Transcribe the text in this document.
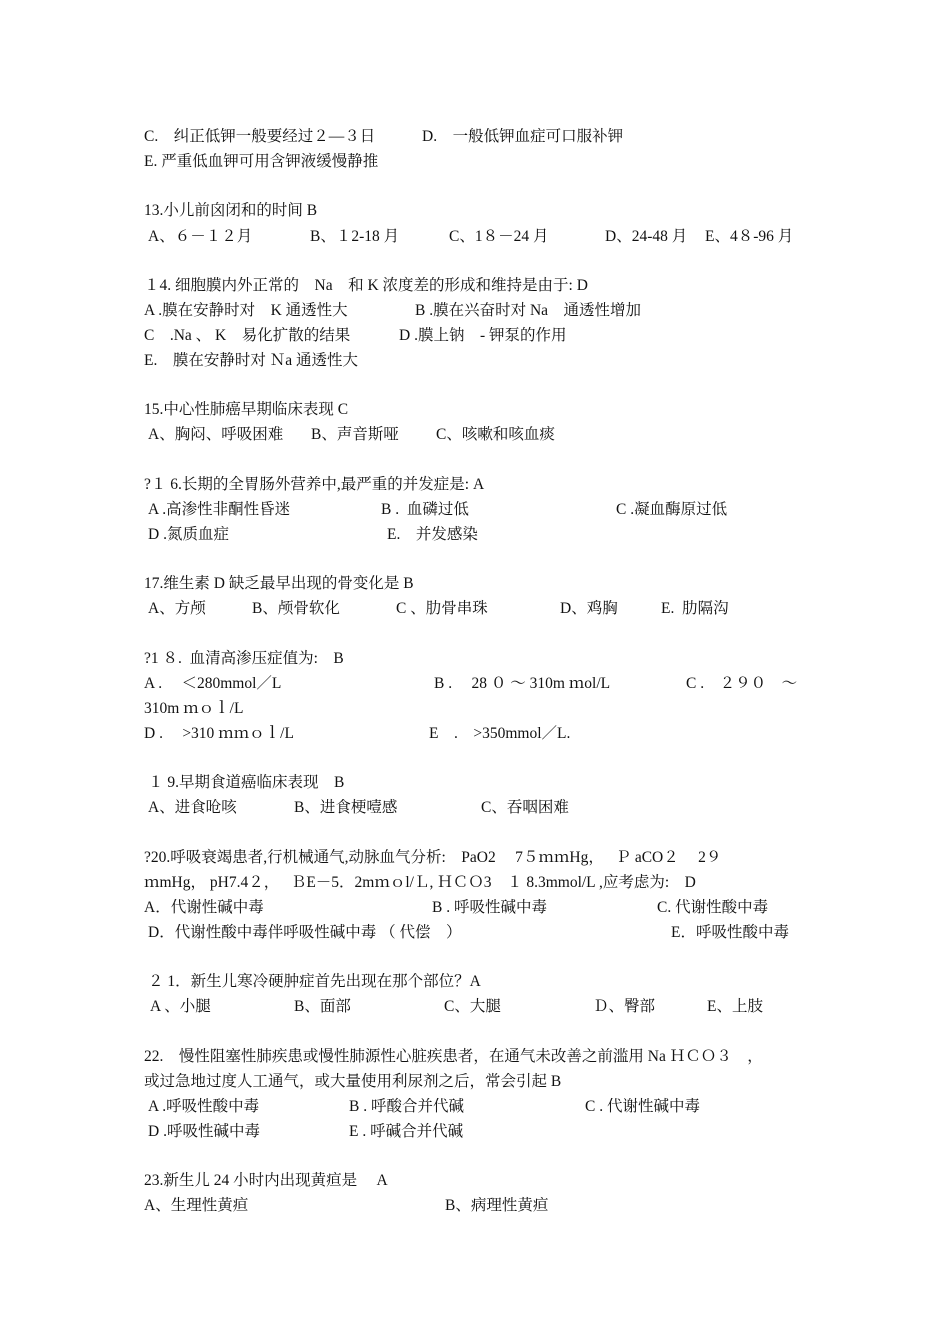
C.　纠正低钾一般要经过２—３日	D.　一般低钾血症可口服补钾
E. 严重低血钾可用含钾液缓慢静推
13.小儿前囟闭和的时间 B
A、６－１２月	B、１2-18 月	C、1８－24 月	D、24-48 月 E、4８-96 月
１4. 细胞膜内外正常的　Na　和 K 浓度差的形成和维持是由于: D
A .膜在安静时对　K 通透性大	B .膜在兴奋时对 Na　通透性增加
C　.Na 、 K　易化扩散的结果	D .膜上钠　- 钾泵的作用
E.　膜在安静时对 Ｎa 通透性大
15.中心性肺癌早期临床表现 C
A、胸闷、呼吸困难 B、声音斯哑 C、咳嗽和咳血痰
?１ 6.长期的全胃肠外营养中,最严重的并发症是: A
A .高渗性非酮性昏迷	B .  血磷过低	C .凝血酶原过低
D .氮质血症	E.　并发感染
17.维生素 D 缺乏最早出现的骨变化是 B
A、方颅	B、颅骨软化	C 、肋骨串珠	D、鸡胸	E.  肋隔沟
?1 ８.  血清高渗压症值为:　B
A .　 ＜280mmol／L	B .　 28 ０ ～ 310m ｍol/L	C .　２９０　～
310m ｍｏｌ/L
D .　 >310 ｍｍｏｌ/L	E　.　>350mmol／L.
１ 9.早期食道癌临床表现　B
A、进食呛咳	B、进食梗噎感	C、吞咽困难
?20.呼吸衰竭患者,行机械通气,动脉血气分析:　PaO2　 7５ｍｍHg，　 Ｐ aCO２　 2９
ｍmHg， pH7.4２，　 ＢE－5．2mｍｏl/Ｌ, ＨＣＯ3　１ 8.3mmol/L ,应考虑为:　D
A．代谢性碱中毒	B . 呼吸性碱中毒	C. 代谢性酸中毒
D．代谢性酸中毒伴呼吸性碱中毒 （ 代偿　）	E．呼吸性酸中毒
２ 1．新生儿寒冷硬肿症首先出现在那个部位？A
A 、小腿	B、面部	C、大腿	Ｄ、臀部	E、上肢
22.　慢性阻塞性肺疾患或慢性肺源性心脏疾患者，在通气未改善之前滥用 Na ＨＣＯ３　，
或过急地过度人工通气，或大量使用利尿剂之后，常会引起 B
A .呼吸性酸中毒	B . 呼酸合并代碱	C . 代谢性碱中毒
D .呼吸性碱中毒	E . 呼碱合并代碱
23.新生儿 24 小时内出现黄疸是　 A
A、生理性黄疸	B、病理性黄疸
